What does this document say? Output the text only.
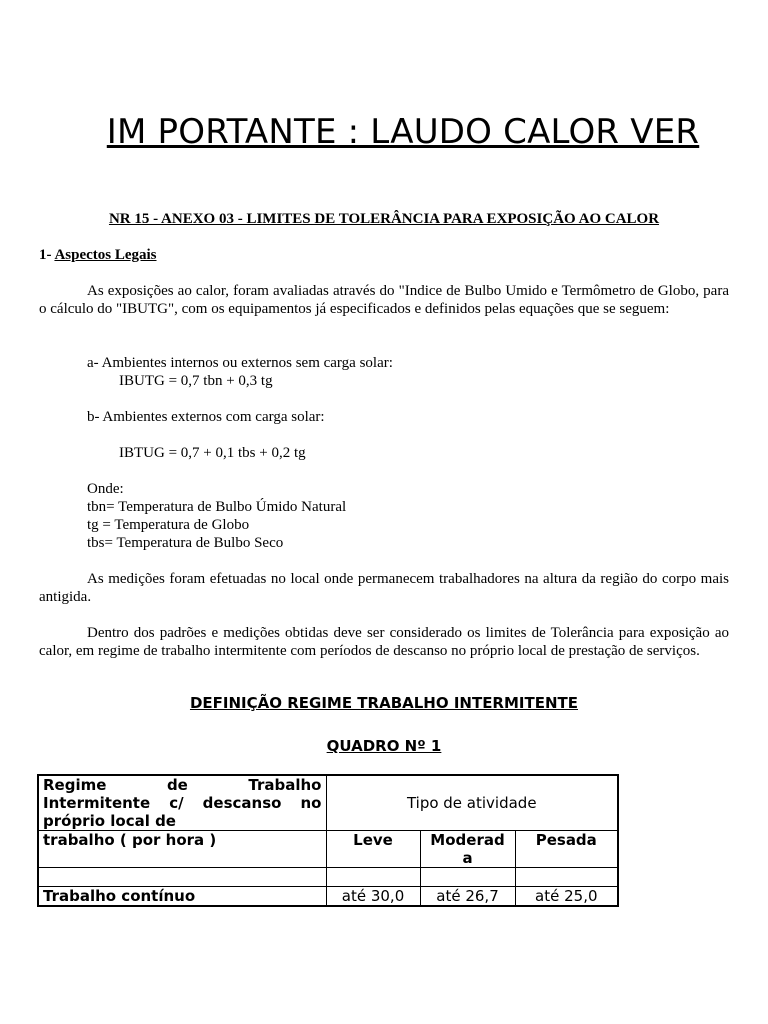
IM PORTANTE : LAUDO CALOR VER
NR 15 - ANEXO 03 - LIMITES DE TOLERÂNCIA PARA EXPOSIÇÃO AO CALOR
1- Aspectos Legais
As exposições ao calor, foram avaliadas através do "Indice de Bulbo Umido e Termômetro de Globo, para o cálculo do "IBUTG", com os equipamentos já especificados e definidos pelas equações que se seguem:
a- Ambientes internos ou externos sem carga solar:
IBUTG = 0,7 tbn + 0,3 tg
b- Ambientes externos com carga solar:
IBTUG = 0,7 + 0,1 tbs + 0,2 tg
Onde:
tbn= Temperatura de Bulbo Úmido Natural
tg = Temperatura de Globo
tbs= Temperatura de Bulbo Seco
As medições foram efetuadas no local onde permanecem trabalhadores na altura da região do corpo mais antigida.
Dentro dos padrões e medições obtidas deve ser considerado os limites de Tolerância para exposição ao calor, em regime de trabalho intermitente com períodos de descanso no próprio local de prestação de serviços.
DEFINIÇÃO REGIME TRABALHO INTERMITENTE
QUADRO Nº 1
Regime de Trabalho
Intermitente c/ descanso no
próprio local de	Tipo de atividade		
trabalho ( por hora )	Leve	Moderad a	Pesada

Trabalho contínuo	até 30,0	até 26,7	até 25,0
